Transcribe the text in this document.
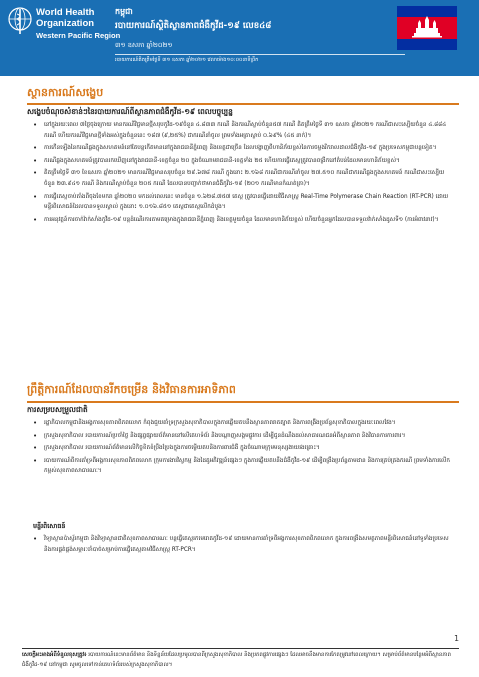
World Health
Organization
Western Pacific Region
កម្ពុជា
របាយការណ៍ស្ថិតិស្ថានភាពជំងឺកូវីដ-១៩ លេខ៤៨
៣១ ឧសភា ឆ្នាំ២០២១
របាយការណ៍គិតត្រឹមថ្ងៃទី ៣១ ឧសភា ឆ្នាំ២០២១ វេលាម៉ោង១០:០០នាទីព្រឹក
ស្ថានការណ៍សង្ខេប
សង្ខេបចំណុចសំខាន់ៗនៃរបាយការណ៍ពីស្ថានភាពជំងឺកូវីដ-១៩ ពេលបច្ចុប្បន្ន
• នៅក្នុងរយៈពេល ៧ថ្ងៃចុងក្រោយ មានករណីវិជ្ជមានថ្មីសរុបកូវីដ-១៩ចំនួន ៤.៨៣៣ ករណី និងករណីស្លាប់ចំនួន៥៧ ករណី គិតត្រឹមថ្ងៃទី ៣១ ឧសភា ឆ្នាំ២០២១ ករណីជាសះស្បើយចំនួន ៤.៨៨៤ ករណី ហើយករណីវិជ្ជមានថ្មីទាំងអស់ក្នុងចំនួននេះ ១៨៧ (៩,២៥%) ជាករណីនាំចូល ព្រមទាំងអត្រាស្លាប់ ០.៦៩% (៤៥ នាក់)។
• ការកើនឡើងនៃករណីឆ្លងក្នុងសហគមន៍នៅតែបន្តកើតមាននៅក្នុងរាជធានីភ្នំពេញ និងខេត្តជាច្រើន ដែលបង្ហាញពីហានិភ័យខ្ពស់នៃការចម្លងរីករាលដាលជំងឺកូវីដ-១៩ ក្នុងប្រទេសកម្ពុជាបន្តទៀត។
• ករណីឆ្លងក្នុងសហគមន៍ត្រូវបានរកឃើញនៅក្នុងរាជធានី-ខេត្តចំនួន ២០ ក្នុងចំណោមរាជធានី-ខេត្តទាំង ២៥ ហើយការធ្វើតេស្តត្រូវបានពង្រីកនៅតំបន់ដែលមានហានិភ័យខ្ពស់។
• គិតត្រឹមថ្ងៃទី ៣១ ខែឧសភា ឆ្នាំ២០២១ មានករណីវិជ្ជមានសរុបចំនួន ២៩.៦៧៨ ករណី ក្នុងនោះ ២.១៦៨ ករណីជាករណីនាំចូល ២៧.៥១០ ករណីជាករណីឆ្លងក្នុងសហគមន៍ ករណីជាសះស្បើយចំនួន ២៣.៩៤១ ករណី និងករណីស្លាប់ចំនួន ២០៥ ករណី ដែលបានបញ្ជាក់ថាមានជំងឺកូវីដ-១៩ (២០១ ករណីមានកំណត់ត្រា)។
• ការធ្វើតេស្តចាប់តាំងពីចុងខែមករា ឆ្នាំ២០២០ មកដល់ពេលនេះ មានចំនួន ១.៦២៨.៧៥៧ តេស្ត ត្រូវបានធ្វើដោយវិធីសាស្ត្រ Real-Time Polymerase Chain Reaction (RT-PCR) ដោយមន្ទីរពិសោធន៍ដែលបានទទួលស្គាល់ ក្នុងនោះ ១.០១៦.៨៥១ តេស្តជាតេស្តលើកដំបូង។
• ការអនុវត្តន៍ការចាក់វ៉ាក់សាំងកូវីដ-១៩ បន្តដំណើរការតាមគម្រោងក្នុងរាជធានីភ្នំពេញ និងខេត្តមួយចំនួន ដែលមានហានិភ័យខ្ពស់ ហើយចំនួនអ្នកដែលបានទទួលវ៉ាក់សាំងដូសទី១ (ការអំពាវនាវ)។
ព្រឹត្តិការណ៍ដែលបានរីកចម្រើន និងវិធានការអាទិភាព
ការសម្របសម្រួលជាតិ
• រដ្ឋាភិបាលកម្ពុជានិងអង្គការសុខភាពពិភពលោក កំពុងជួយគាំទ្រក្រសួងសុខាភិបាលក្នុងការឆ្លើយតបនឹងស្ថានភាពរាតត្បាត និងការពង្រឹងប្រព័ន្ធសុខាភិបាលក្នុងរយៈពេលវែង។
• ក្រសួងសុខាភិបាល របាយការណ៍ប្រចាំថ្ងៃ និងផ្សព្វផ្សាយព័ត៌មាននៅលើគេហទំព័រ និងបណ្ដាញសង្គមផ្លូវការ ដើម្បីជូនដំណឹងដល់សាធារណជនអំពីស្ថានភាព និងវិធានការការពារ។
• ក្រសួងសុខាភិបាល របាយការណ៍ព័ត៌មានលើកិច្ចខិតខំប្រឹងប្រែងក្នុងការចម្លើយតបនិងការពារជំងឺ ក្នុងចំណោមក្រុមមនុស្សងាយរងគ្រោះ។
• របាយការណ៍ពីការគាំទ្រពីអង្គការសុខភាពពិភពលោក ក្រុមការងារវិស្វកម្ម និងដៃគូអភិវឌ្ឍន៍ផ្សេងៗ ក្នុងការឆ្លើយតបនឹងជំងឺកូវីដ-១៩ ដើម្បីពង្រឹងប្រព័ន្ធតាមដាន និងការគ្រប់គ្រងករណី ព្រមទាំងការលើកកម្ពស់សុខភាពសាធារណៈ។
មន្ទីរពិសោធន៍
• វិទ្យាស្ថានប៉ាស្ទ័រកម្ពុជា និងវិទ្យាស្ថានជាតិសុខភាពសាធារណៈ បន្តធ្វើតេស្តរកមេរោគកូវីដ-១៩ ដោយមានការគាំទ្រពីអង្គការសុខភាពពិភពលោក ក្នុងការពង្រឹងសមត្ថភាពមន្ទីរពិសោធន៍នៅទូទាំងប្រទេស និងការផ្គត់ផ្គង់សម្ភារៈចាំបាច់សម្រាប់ការធ្វើតេស្តតាមវិធីសាស្ត្រ RT-PCR។
1
សេចក្ដីអះអាងអំពីទំនួលខុសត្រូវ៖ របាយការណ៍នេះមានព័ត៌មាន និងទិន្នន័យដែលប្រមូលបានពីក្រសួងសុខាភិបាល និងប្រភពផ្លូវការផ្សេងៗ ដែលអាចនឹងមានការកែតម្រូវនៅពេលក្រោយ។ សម្រាប់ព័ត៌មានបន្ថែមអំពីស្ថានភាពជំងឺកូវីដ-១៩ នៅកម្ពុជា សូមចូលទៅកាន់គេហទំព័ររបស់ក្រសួងសុខាភិបាល។
